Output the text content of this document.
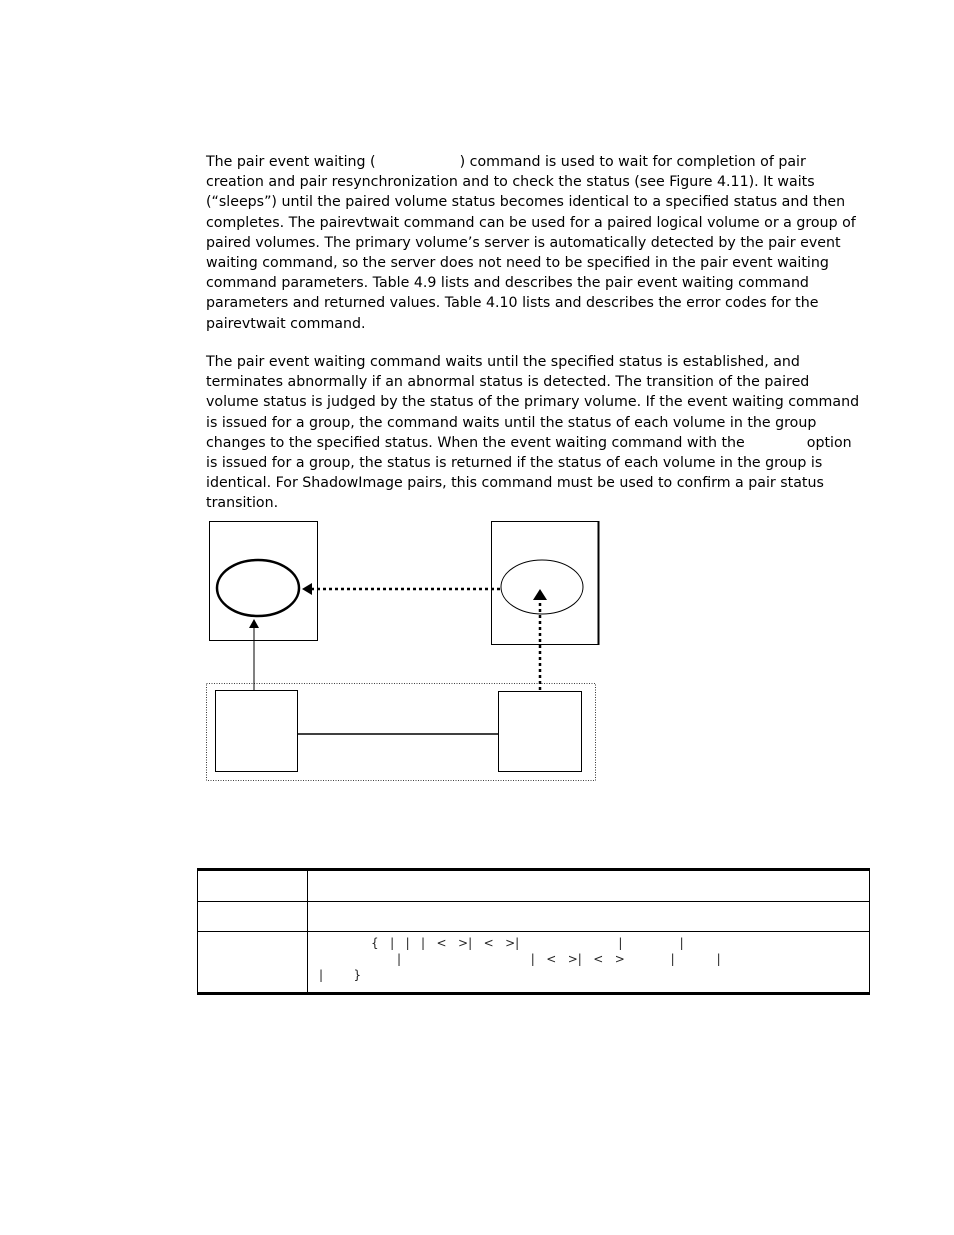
The pair event waiting (	) command is used to wait for completion of pair creation and pair resynchronization and to check the status (see Figure 4.11). It waits (“sleeps”) until the paired volume status becomes identical to a specified status and then completes. The pairevtwait command can be used for a paired logical volume or a group of paired volumes. The primary volume’s server is automatically detected by the pair event waiting command, so the server does not need to be specified in the pair event waiting command parameters. Table 4.9 lists and describes the pair event waiting command parameters and returned values. Table 4.10 lists and describes the error codes for the pairevtwait command.

The pair event waiting command waits until the specified status is established, and terminates abnormally if an abnormal status is detected. The transition of the paired volume status is judged by the status of the primary volume. If the event waiting command is issued for a group, the command waits until the status of each volume in the group changes to the specified status. When the event waiting command with the	option is issued for a group, the status is returned if the status of each volume in the group is identical. For ShadowImage pairs, this command must be used to confirm a pair status transition.

{   |   |   |   <   >|   <   >|                          |               |
|                                  |   <   >|   <   >            |           |
|        }
